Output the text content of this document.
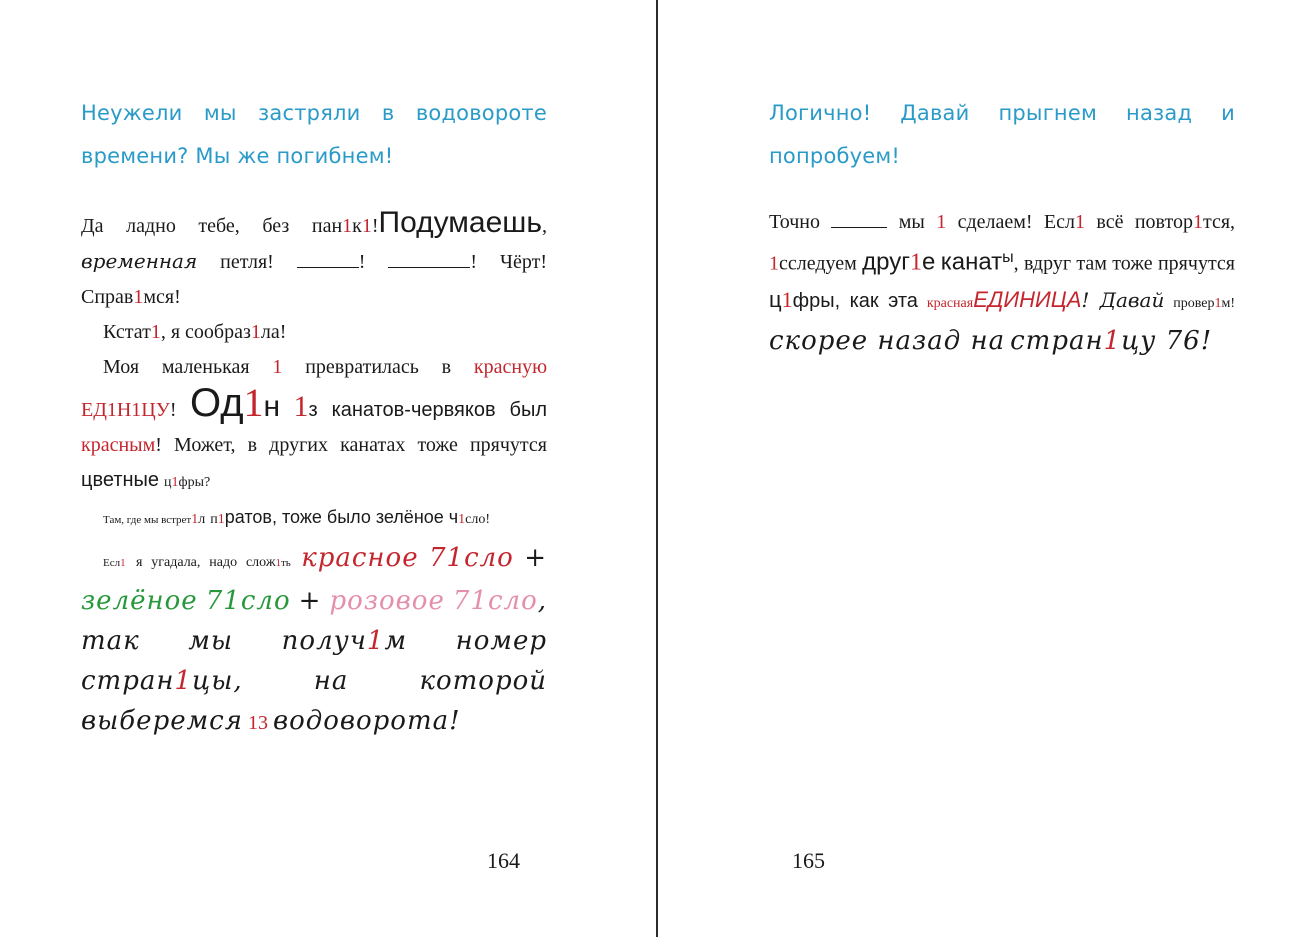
Неужели мы застряли в водовороте времени? Мы же погибнем!

Да ладно тебе, без пан1к1!Подумаешь, временная петля!	!	! Чёрт! Справ1мся!

Кстат1, я сообраз1ла!

Моя маленькая 1 превратилась в красную ЕД1Н1ЦУ! Од1н 1з канатов-червяков был красным! Может, в других канатах тоже прячутся цветные ц1фры?

Там, где мы встрет1л п1ратов, тоже было зелёное ч1сло!

Есл1 я угадала, надо слож1ть красное 71сло + зелёное 71сло + розовое 71сло, так мы получ1м номер стран1цы, на которой выберемся 13 водоворота!

164
Логично! Давай прыгнем назад и попробуем!

Точно	мы 1 сделаем! Есл1 всё повтор1тся, 1сследуем друг1е канат$^ы$, вдруг там тоже прячутся ц1фры, как эта краснаяЕДИНИЦА! Давай провер1м! скорее назад на стран1цу 76!

165
